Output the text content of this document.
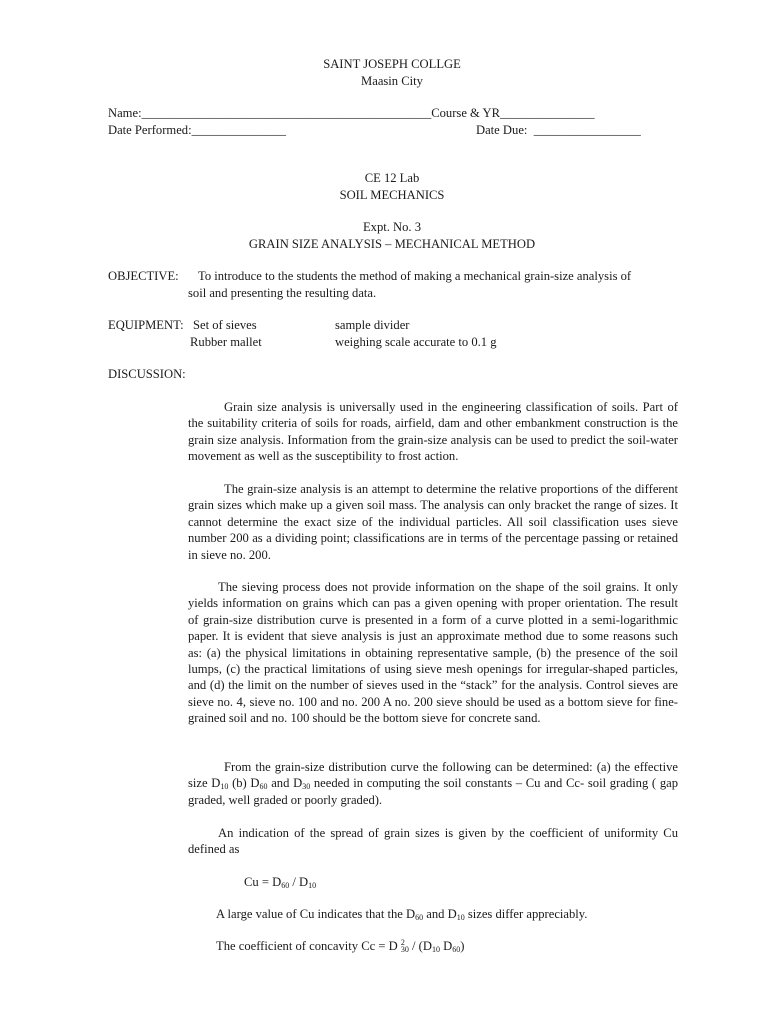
SAINT JOSEPH COLLGE
Maasin City
Name:______________________________________________Course & YR_______________
Date Performed:_______________	Date Due: _________________
CE 12 Lab
SOIL MECHANICS
Expt. No. 3
GRAIN SIZE ANALYSIS – MECHANICAL METHOD
OBJECTIVE: To introduce to the students the method of making a mechanical grain-size analysis of
soil and presenting the resulting data.
EQUIPMENT: Set of sieves	sample divider
Rubber mallet	weighing scale accurate to 0.1 g
DISCUSSION:
Grain size analysis is universally used in the engineering classification of soils. Part of the suitability criteria of soils for roads, airfield, dam and other embankment construction is the grain size analysis. Information from the grain-size analysis can be used to predict the soil-water movement as well as the susceptibility to frost action.
The grain-size analysis is an attempt to determine the relative proportions of the different grain sizes which make up a given soil mass. The analysis can only bracket the range of sizes. It cannot determine the exact size of the individual particles. All soil classification uses sieve number 200 as a dividing point; classifications are in terms of the percentage passing or retained in sieve no. 200.
The sieving process does not provide information on the shape of the soil grains. It only yields information on grains which can pas a given opening with proper orientation. The result of grain-size distribution curve is presented in a form of a curve plotted in a semi-logarithmic paper. It is evident that sieve analysis is just an approximate method due to some reasons such as: (a) the physical limitations in obtaining representative sample, (b) the presence of the soil lumps, (c) the practical limitations of using sieve mesh openings for irregular-shaped particles, and (d) the limit on the number of sieves used in the “stack” for the analysis. Control sieves are sieve no. 4, sieve no. 100 and no. 200 A no. 200 sieve should be used as a bottom sieve for fine-grained soil and no. 100 should be the bottom sieve for concrete sand.
From the grain-size distribution curve the following can be determined: (a) the effective size $D_{10}$ (b) $D_{60}$ and $D_{30}$ needed in computing the soil constants – Cu and Cc- soil grading ( gap graded, well graded or poorly graded).
An indication of the spread of grain sizes is given by the coefficient of uniformity Cu defined as
$Cu = D_{60} / D_{10}$
A large value of Cu indicates that the $D_{60}$ and $D_{10}$ sizes differ appreciably.
The coefficient of concavity Cc = D $^2_{30} / (D_{10}$ $D_{60}$)
